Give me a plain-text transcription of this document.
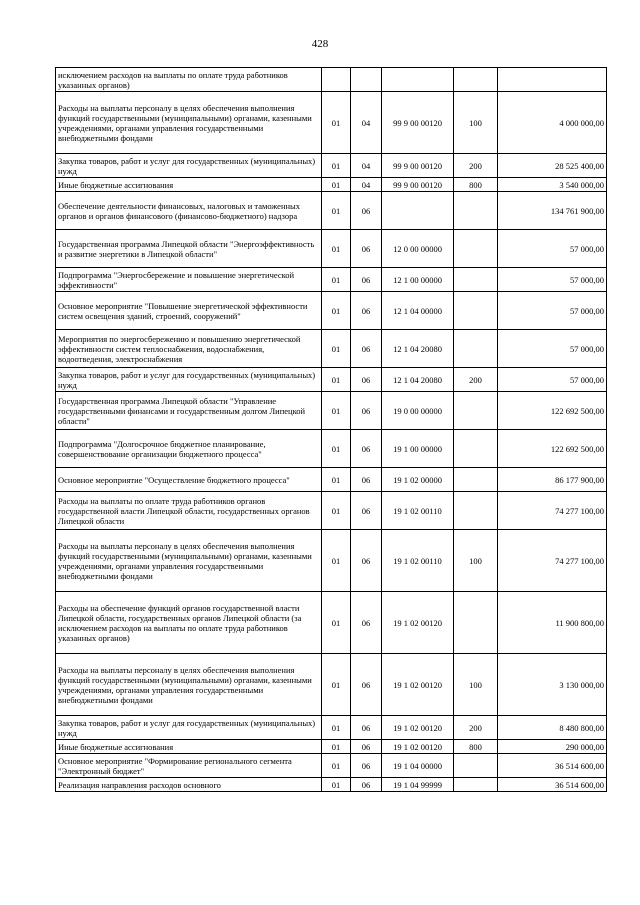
428
исключением расходов на выплаты по оплате труда работников указанных органов)					
Расходы на выплаты персоналу в целях обеспечения выполнения функций государственными (муниципальными) органами, казенными учреждениями, органами управления государственными внебюджетными фондами	01	04	99 9 00 00120	100	4 000 000,00
Закупка товаров, работ и услуг для государственных (муниципальных) нужд	01	04	99 9 00 00120	200	28 525 400,00
Иные бюджетные ассигнования	01	04	99 9 00 00120	800	3 540 000,00
Обеспечение деятельности финансовых, налоговых и таможенных органов и органов финансового (финансово-бюджетного) надзора	01	06			134 761 900,00
Государственная программа Липецкой области "Энергоэффективность и развитие энергетики в Липецкой области"	01	06	12 0 00 00000		57 000,00
Подпрограмма "Энергосбережение и повышение энергетической эффективности"	01	06	12 1 00 00000		57 000,00
Основное мероприятие "Повышение энергетической эффективности систем освещения зданий, строений, сооружений"	01	06	12 1 04 00000		57 000,00
Мероприятия по энергосбережению и повышению энергетической эффективности систем теплоснабжения, водоснабжения, водоотведения, электроснабжения	01	06	12 1 04 20080		57 000,00
Закупка товаров, работ и услуг для государственных (муниципальных) нужд	01	06	12 1 04 20080	200	57 000,00
Государственная программа Липецкой области "Управление государственными финансами и государственным долгом Липецкой области"	01	06	19 0 00 00000		122 692 500,00
Подпрограмма "Долгосрочное бюджетное планирование, совершенствование организации бюджетного процесса"	01	06	19 1 00 00000		122 692 500,00
Основное мероприятие "Осуществление бюджетного процесса"	01	06	19 1 02 00000		86 177 900,00
Расходы на выплаты по оплате труда работников органов государственной власти Липецкой области, государственных органов Липецкой области	01	06	19 1 02 00110		74 277 100,00
Расходы на выплаты персоналу в целях обеспечения выполнения функций государственными (муниципальными) органами, казенными учреждениями, органами управления государственными внебюджетными фондами	01	06	19 1 02 00110	100	74 277 100,00
Расходы на обеспечение функций органов государственной власти Липецкой области, государственных органов Липецкой области (за исключением расходов на выплаты по оплате труда работников указанных органов)	01	06	19 1 02 00120		11 900 800,00
Расходы на выплаты персоналу в целях обеспечения выполнения функций государственными (муниципальными) органами, казенными учреждениями, органами управления государственными внебюджетными фондами	01	06	19 1 02 00120	100	3 130 000,00
Закупка товаров, работ и услуг для государственных (муниципальных) нужд	01	06	19 1 02 00120	200	8 480 800,00
Иные бюджетные ассигнования	01	06	19 1 02 00120	800	290 000,00
Основное мероприятие "Формирование регионального сегмента "Электронный бюджет"	01	06	19 1 04 00000		36 514 600,00
Реализация направления расходов основного	01	06	19 1 04 99999		36 514 600,00
